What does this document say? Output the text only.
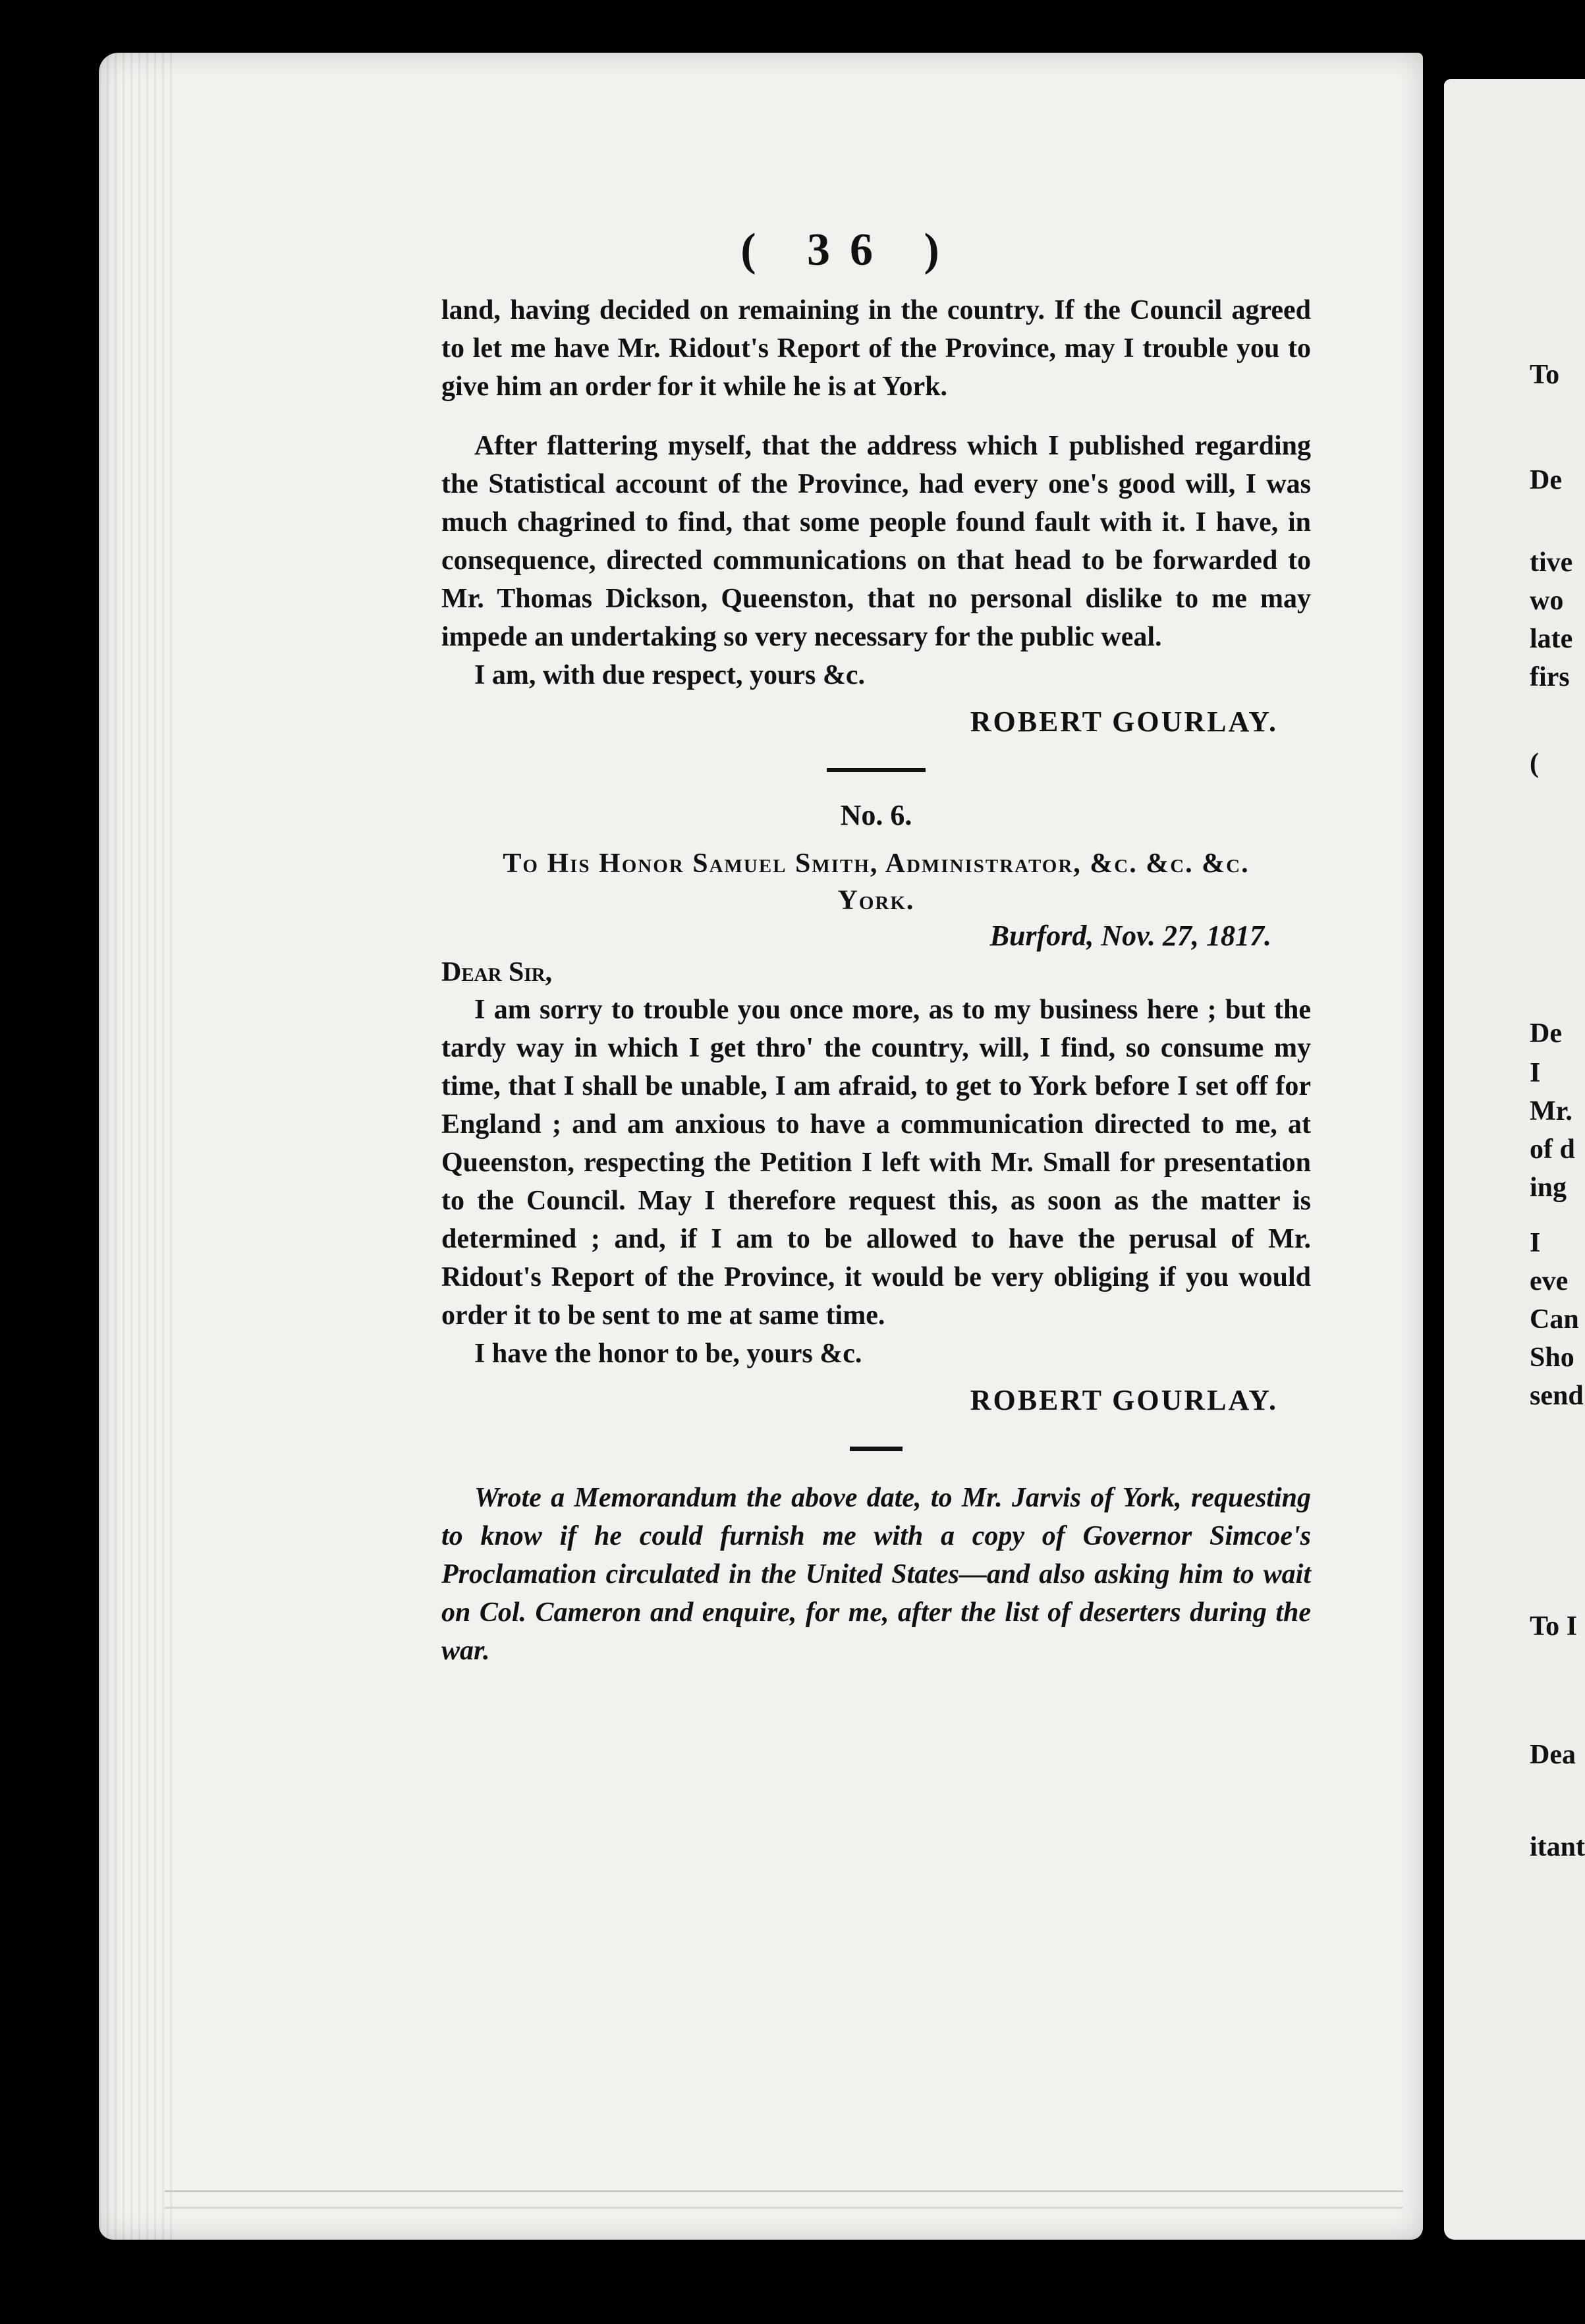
To
De
tive
wo
late
firs
(
De
I
Mr.
of d
ing
I
eve
Can
Sho
send
To I
Dea
itant
( 36 )

land, having decided on remaining in the country. If the Council agreed to let me have Mr. Ridout's Report of the Province, may I trouble you to give him an order for it while he is at York.

After flattering myself, that the address which I published regarding the Statistical account of the Province, had every one's good will, I was much chagrined to find, that some people found fault with it. I have, in consequence, directed communications on that head to be forwarded to Mr. Thomas Dickson, Queenston, that no personal dislike to me may impede an undertaking so very necessary for the public weal.

I am, with due respect, yours &c.

ROBERT GOURLAY.
No. 6.
To His Honor Samuel Smith, Administrator, &c. &c. &c.
York.
Burford, Nov. 27, 1817.
Dear Sir,

I am sorry to trouble you once more, as to my business here ; but the tardy way in which I get thro' the country, will, I find, so consume my time, that I shall be unable, I am afraid, to get to York before I set off for England ; and am anxious to have a communication directed to me, at Queenston, respecting the Petition I left with Mr. Small for presentation to the Council. May I therefore request this, as soon as the matter is determined ; and, if I am to be allowed to have the perusal of Mr. Ridout's Report of the Province, it would be very obliging if you would order it to be sent to me at same time.

I have the honor to be, yours &c.

ROBERT GOURLAY.

Wrote a Memorandum the above date, to Mr. Jarvis of York, requesting to know if he could furnish me with a copy of Governor Simcoe's Proclamation circulated in the United States—and also asking him to wait on Col. Cameron and enquire, for me, after the list of deserters during the war.
